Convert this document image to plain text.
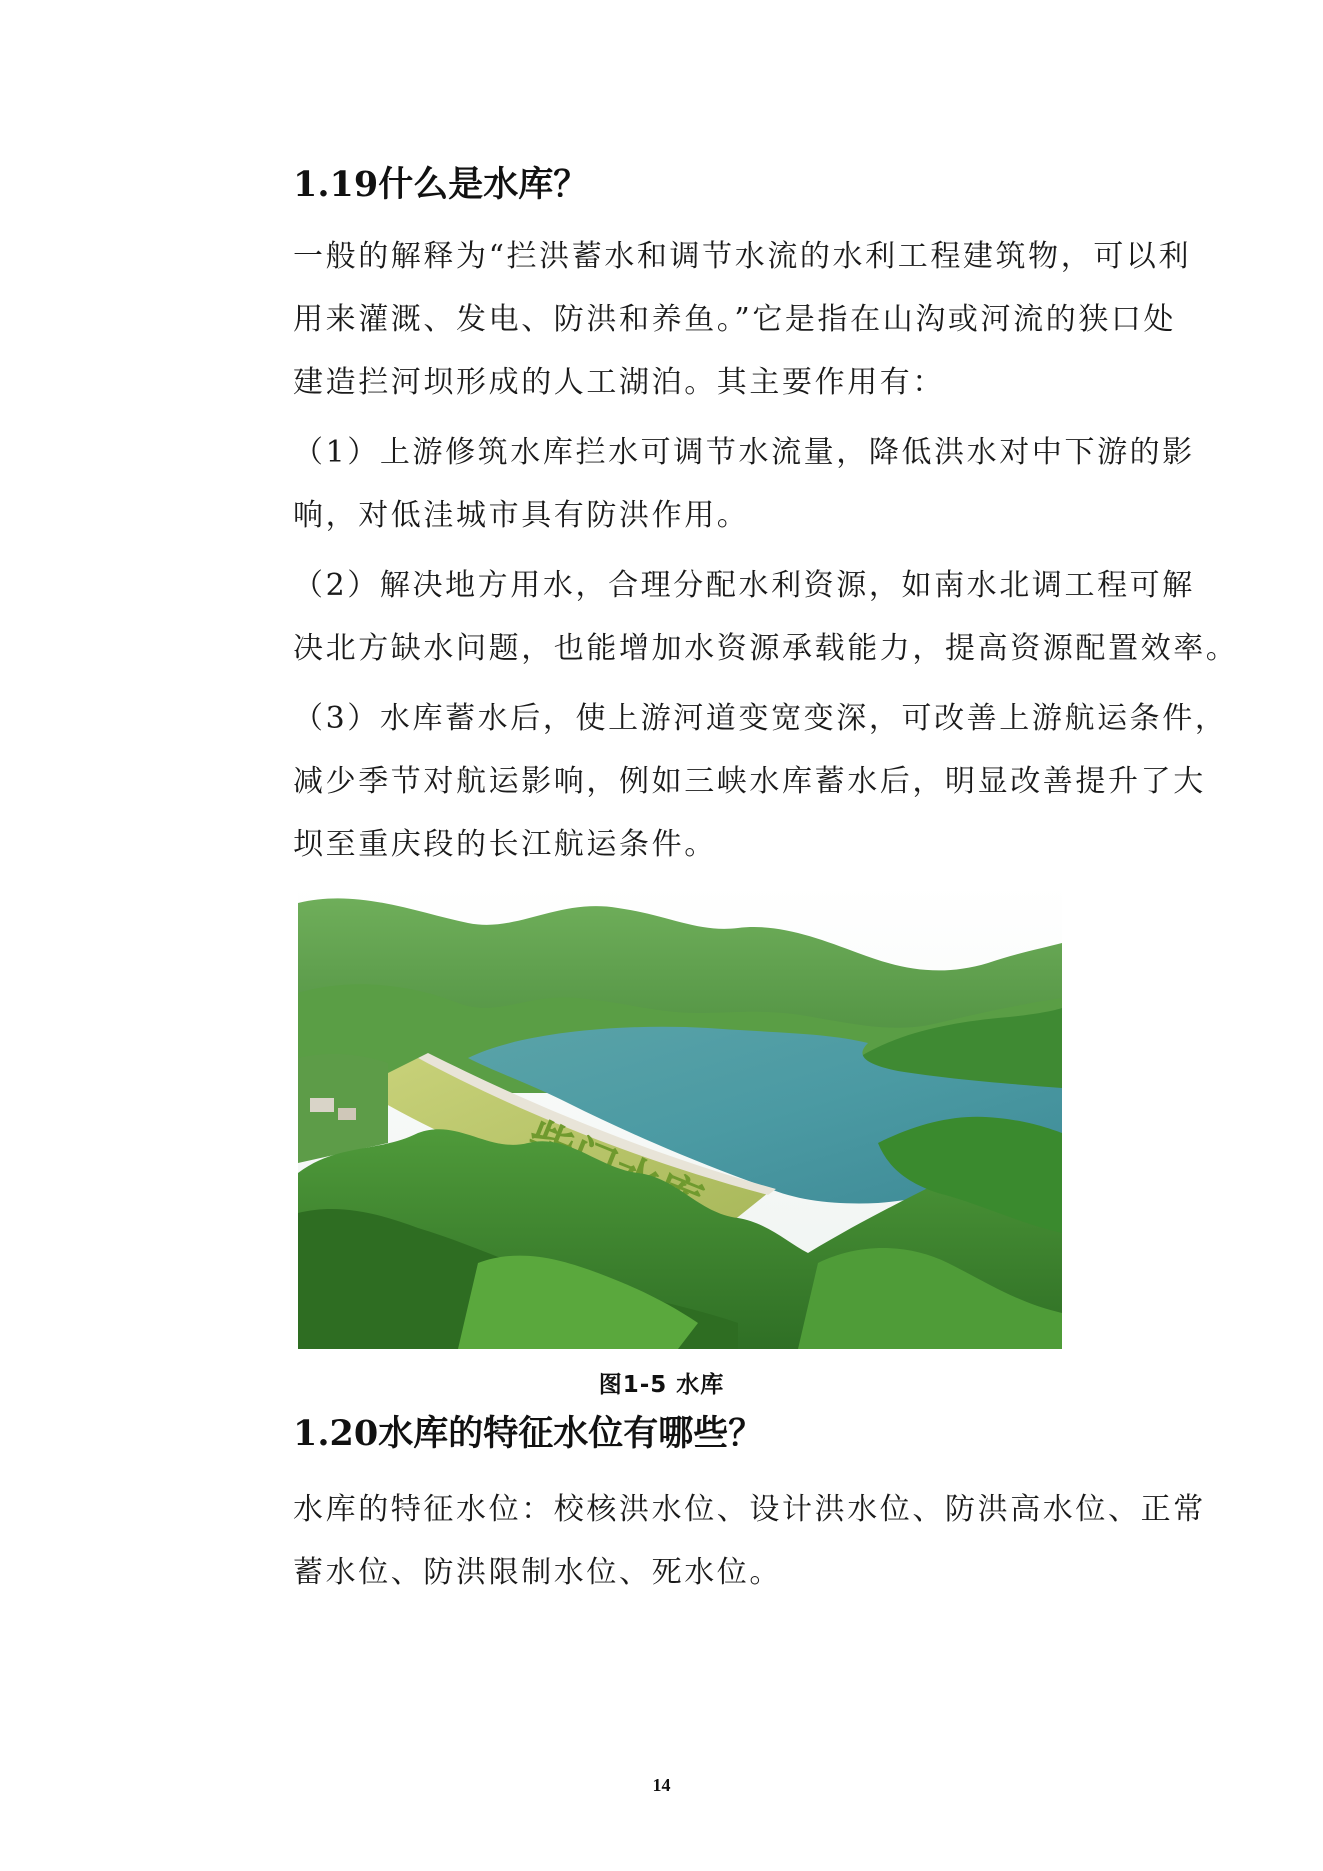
1.19什么是水库？

一般的解释为“拦洪蓄水和调节水流的水利工程建筑物，可以利
用来灌溉、发电、防洪和养鱼。”它是指在山沟或河流的狭口处
建造拦河坝形成的人工湖泊。其主要作用有：

（1）上游修筑水库拦水可调节水流量，降低洪水对中下游的影
响，对低洼城市具有防洪作用。

（2）解决地方用水，合理分配水利资源，如南水北调工程可解
决北方缺水问题，也能增加水资源承载能力，提高资源配置效率。

（3）水库蓄水后，使上游河道变宽变深，可改善上游航运条件，
减少季节对航运影响，例如三峡水库蓄水后，明显改善提升了大
坝至重庆段的长江航运条件。

图1-5 水库
1.20水库的特征水位有哪些？

水库的特征水位：校核洪水位、设计洪水位、防洪高水位、正常
蓄水位、防洪限制水位、死水位。

14
